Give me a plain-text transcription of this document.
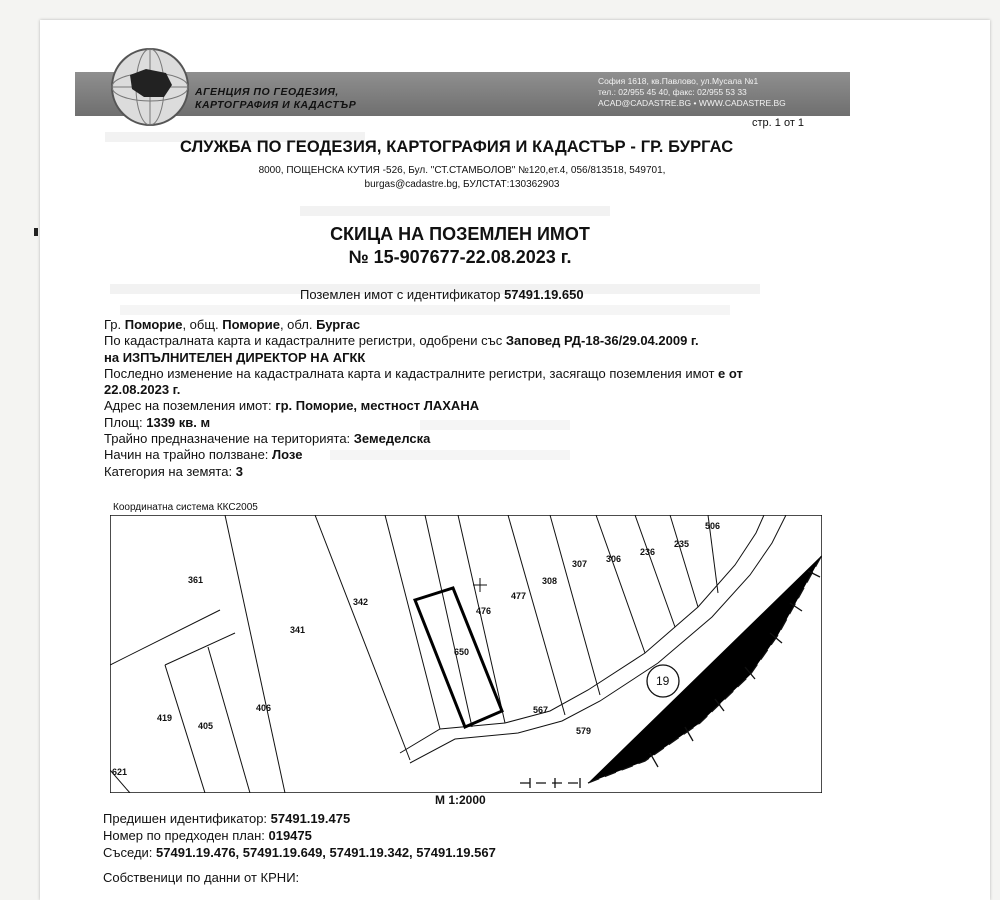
АГЕНЦИЯ ПО ГЕОДЕЗИЯ,
КАРТОГРАФИЯ И КАДАСТЪР
София 1618, кв.Павлово, ул.Мусала №1
тел.: 02/955 45 40, факс: 02/955 53 33
ACAD@CADASTRE.BG • WWW.CADASTRE.BG
стр. 1 от 1
СЛУЖБА ПО ГЕОДЕЗИЯ, КАРТОГРАФИЯ И КАДАСТЪР - ГР. БУРГАС
8000, ПОЩЕНСКА КУТИЯ -526, Бул. "СТ.СТАМБОЛОВ" №120,ет.4, 056/813518, 549701,
burgas@cadastre.bg, БУЛСТАТ:130362903
СКИЦА НА ПОЗЕМЛЕН ИМОТ
№ 15-907677-22.08.2023 г.
Поземлен имот с идентификатор 57491.19.650
Гр. Поморие, общ. Поморие, обл. Бургас
По кадастралната карта и кадастралните регистри, одобрени със Заповед РД-18-36/29.04.2009 г.
на ИЗПЪЛНИТЕЛЕН ДИРЕКТОР НА АГКК
Последно изменение на кадастралната карта и кадастралните регистри, засягащо поземления имот е от
22.08.2023 г.
Адрес на поземления имот: гр. Поморие, местност ЛАХАНА
Площ: 1339 кв. м
Трайно предназначение на територията: Земеделска
Начин на трайно ползване: Лозе
Категория на земята: 3
Координатна система ККС2005
361
342
341
406
405
419
621
650
476
477
308
307 306
236
235
506
567
579
19
М 1:2000
Предишен идентификатор: 57491.19.475
Номер по предходен план: 019475
Съседи: 57491.19.476, 57491.19.649, 57491.19.342, 57491.19.567
Собственици по данни от КРНИ:
